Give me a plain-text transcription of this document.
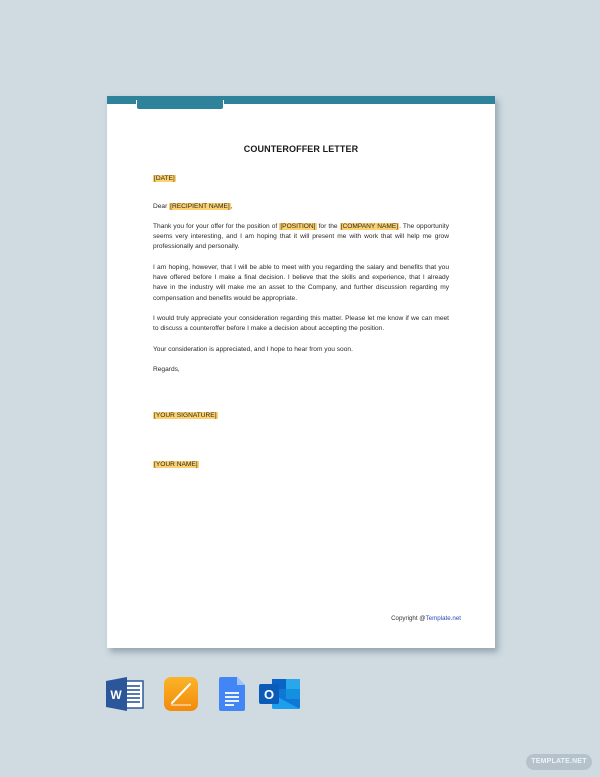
COUNTEROFFER LETTER

[DATE]

Dear [RECIPIENT NAME],

Thank you for your offer for the position of [POSITION] for the [COMPANY NAME]. The opportunity seems very interesting, and I am hoping that it will present me with work that will help me grow professionally and personally.

I am hoping, however, that I will be able to meet with you regarding the salary and benefits that you have offered before I make a final decision. I believe that the skills and experience, that I already have in the industry will make me an asset to the Company, and further discussion regarding my compensation and benefits would be appropriate.

I would truly appreciate your consideration regarding this matter. Please let me know if we can meet to discuss a counteroffer before I make a decision about accepting the position.

Your consideration is appreciated, and I hope to hear from you soon.

Regards,

[YOUR SIGNATURE]

[YOUR NAME]

Copyright @Template.net
W	O
TEMPLATE.NET
